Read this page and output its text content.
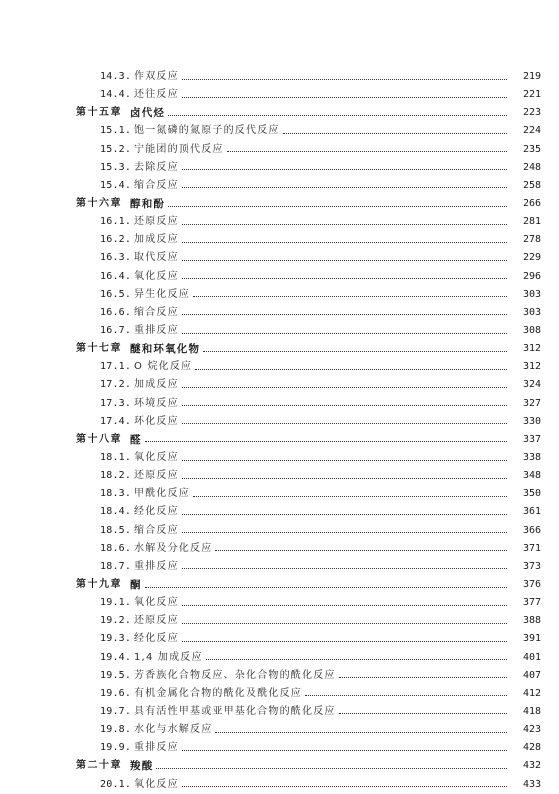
14.3. 作双反应	219
14.4. 还往反应	221
第十五章 卤代烃	223
15.1. 饱一氮磷的氮原子的反代反应	224
15.2. 宁能团的顶代反应	235
15.3. 去除反应	248
15.4. 缩合反应	258
第十六章 醇和酚	266
16.1. 还原反应	281
16.2. 加成反应	278
16.3. 取代反应	229
16.4. 氧化反应	296
16.5. 异生化反应	303
16.6. 缩合反应	303
16.7. 重排反应	308
第十七章 醚和环氧化物	312
17.1. O 烷化反应	312
17.2. 加成反应	324
17.3. 环境反应	327
17.4. 环化反应	330
第十八章 醛	337
18.1. 氧化反应	338
18.2. 还原反应	348
18.3. 甲酰化反应	350
18.4. 经化反应	361
18.5. 缩合反应	366
18.6. 水解及分化反应	371
18.7. 重排反应	373
第十九章 酮	376
19.1. 氧化反应	377
19.2. 还原反应	388
19.3. 经化反应	391
19.4. 1,4 加成反应	401
19.5. 芳香族化合物反应、杂化合物的酰化反应	407
19.6. 有机金属化合物的酰化及酰化反应	412
19.7. 具有活性甲基或亚甲基化合物的酰化反应	418
19.8. 水化与水解反应	423
19.9. 重排反应	428
第二十章 羧酸	432
20.1. 氧化反应	433
